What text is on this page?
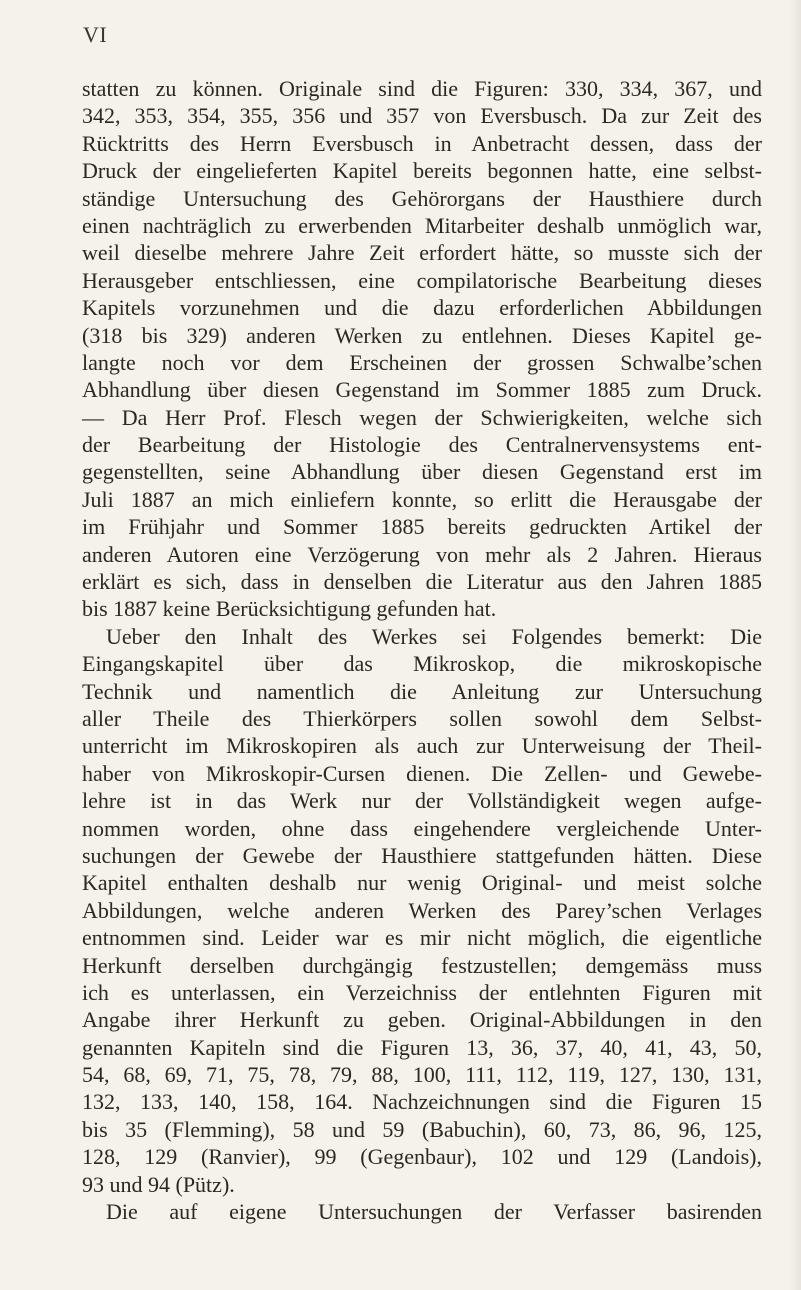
VI
statten zu können. Originale sind die Figuren: 330, 334, 367, und
342, 353, 354, 355, 356 und 357 von Eversbusch. Da zur Zeit des
Rücktritts des Herrn Eversbusch in Anbetracht dessen, dass der
Druck der eingelieferten Kapitel bereits begonnen hatte, eine selbst-
ständige Untersuchung des Gehörorgans der Hausthiere durch
einen nachträglich zu erwerbenden Mitarbeiter deshalb unmöglich war,
weil dieselbe mehrere Jahre Zeit erfordert hätte, so musste sich der
Herausgeber entschliessen, eine compilatorische Bearbeitung dieses
Kapitels vorzunehmen und die dazu erforderlichen Abbildungen
(318 bis 329) anderen Werken zu entlehnen. Dieses Kapitel ge-
langte noch vor dem Erscheinen der grossen Schwalbe’schen
Abhandlung über diesen Gegenstand im Sommer 1885 zum Druck.
— Da Herr Prof. Flesch wegen der Schwierigkeiten, welche sich
der Bearbeitung der Histologie des Centralnervensystems ent-
gegenstellten, seine Abhandlung über diesen Gegenstand erst im
Juli 1887 an mich einliefern konnte, so erlitt die Herausgabe der
im Frühjahr und Sommer 1885 bereits gedruckten Artikel der
anderen Autoren eine Verzögerung von mehr als 2 Jahren. Hieraus
erklärt es sich, dass in denselben die Literatur aus den Jahren 1885
bis 1887 keine Berücksichtigung gefunden hat.
Ueber den Inhalt des Werkes sei Folgendes bemerkt: Die
Eingangskapitel über das Mikroskop, die mikroskopische
Technik und namentlich die Anleitung zur Untersuchung
aller Theile des Thierkörpers sollen sowohl dem Selbst-
unterricht im Mikroskopiren als auch zur Unterweisung der Theil-
haber von Mikroskopir-Cursen dienen. Die Zellen- und Gewebe-
lehre ist in das Werk nur der Vollständigkeit wegen aufge-
nommen worden, ohne dass eingehendere vergleichende Unter-
suchungen der Gewebe der Hausthiere stattgefunden hätten. Diese
Kapitel enthalten deshalb nur wenig Original- und meist solche
Abbildungen, welche anderen Werken des Parey’schen Verlages
entnommen sind. Leider war es mir nicht möglich, die eigentliche
Herkunft derselben durchgängig festzustellen; demgemäss muss
ich es unterlassen, ein Verzeichniss der entlehnten Figuren mit
Angabe ihrer Herkunft zu geben. Original-Abbildungen in den
genannten Kapiteln sind die Figuren 13, 36, 37, 40, 41, 43, 50,
54, 68, 69, 71, 75, 78, 79, 88, 100, 111, 112, 119, 127, 130, 131,
132, 133, 140, 158, 164. Nachzeichnungen sind die Figuren 15
bis 35 (Flemming), 58 und 59 (Babuchin), 60, 73, 86, 96, 125,
128, 129 (Ranvier), 99 (Gegenbaur), 102 und 129 (Landois),
93 und 94 (Pütz).
Die auf eigene Untersuchungen der Verfasser basirenden
